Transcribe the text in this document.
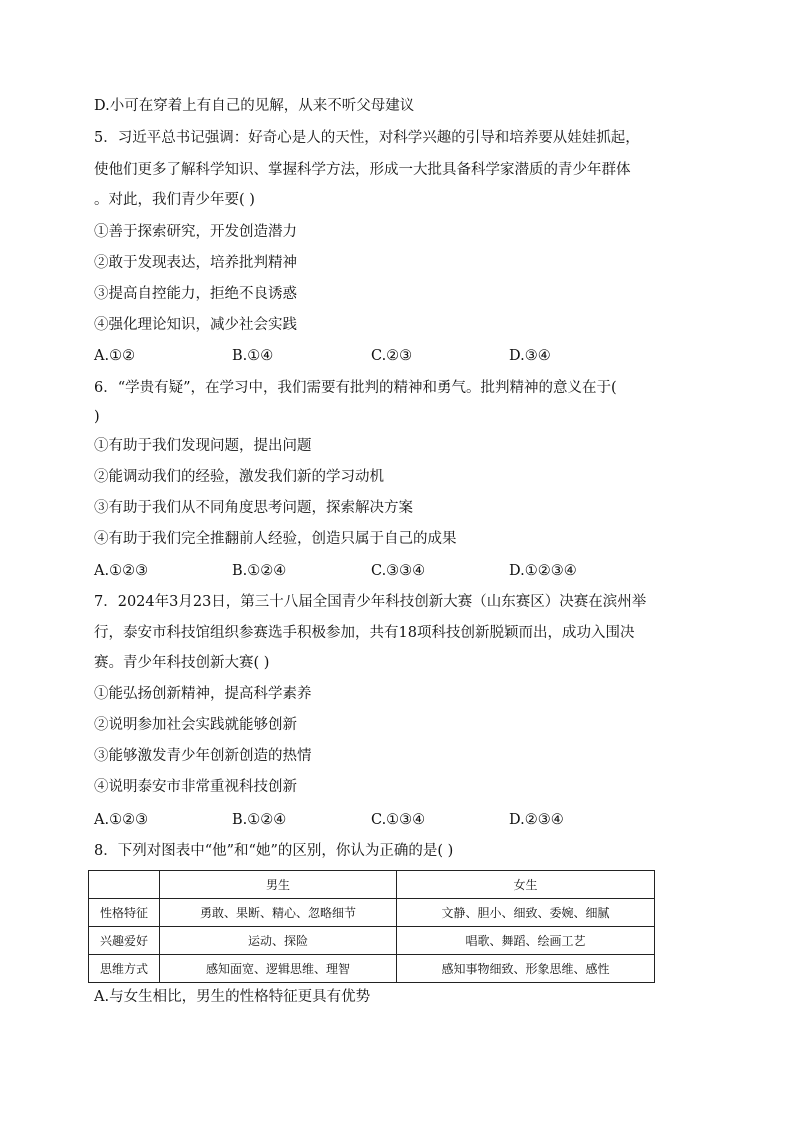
D.小可在穿着上有自己的见解，从来不听父母建议
5．习近平总书记强调：好奇心是人的天性，对科学兴趣的引导和培养要从娃娃抓起，
使他们更多了解科学知识、掌握科学方法，形成一大批具备科学家潜质的青少年群体
。对此，我们青少年要( )
①善于探索研究，开发创造潜力
②敢于发现表达，培养批判精神
③提高自控能力，拒绝不良诱惑
④强化理论知识，减少社会实践
A.①②	B.①④	C.②③	D.③④
6．“学贵有疑”，在学习中，我们需要有批判的精神和勇气。批判精神的意义在于(
)
①有助于我们发现问题，提出问题
②能调动我们的经验，激发我们新的学习动机
③有助于我们从不同角度思考问题，探索解决方案
④有助于我们完全推翻前人经验，创造只属于自己的成果
A.①②③	B.①②④	C.③③④	D.①②③④
7．2024年3月23日，第三十八届全国青少年科技创新大赛（山东赛区）决赛在滨州举
行，泰安市科技馆组织参赛选手积极参加，共有18项科技创新脱颖而出，成功入围决
赛。青少年科技创新大赛( )
①能弘扬创新精神，提高科学素养
②说明参加社会实践就能够创新
③能够激发青少年创新创造的热情
④说明泰安市非常重视科技创新
A.①②③	B.①②④	C.①③④	D.②③④
8．下列对图表中“他”和“她”的区别，你认为正确的是( )
	男生	女生
性格特征	勇敢、果断、精心、忽略细节	文静、胆小、细致、委婉、细腻
兴趣爱好	运动、探险	唱歌、舞蹈、绘画工艺
思维方式	感知面宽、逻辑思维、理智	感知事物细致、形象思维、感性
A.与女生相比，男生的性格特征更具有优势
